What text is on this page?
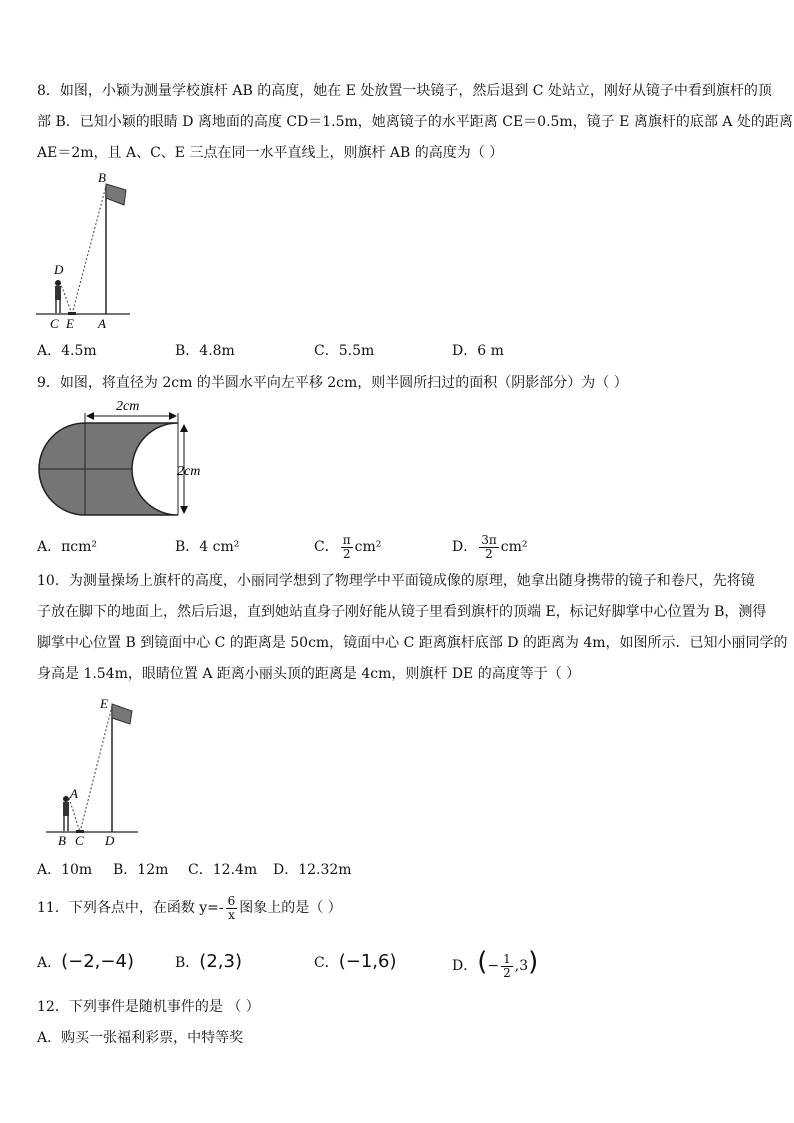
8．如图，小颖为测量学校旗杆 AB 的高度，她在 E 处放置一块镜子，然后退到 C 处站立，刚好从镜子中看到旗杆的顶
部 B．已知小颖的眼睛 D 离地面的高度 CD＝1.5m，她离镜子的水平距离 CE＝0.5m，镜子 E 离旗杆的底部 A 处的距离
AE＝2m，且 A、C、E 三点在同一水平直线上，则旗杆 AB 的高度为（ ）
B
D
C E A
A．4.5m	B．4.8m	C．5.5m	D．6 m
9．如图，将直径为 2cm 的半圆水平向左平移 2cm，则半圆所扫过的面积（阴影部分）为（ ）
2cm
2cm
A．πcm²	B．4 cm²	C． $\frac{\pi}{2} cm^2$	D． $\frac{3\pi}{2} cm^2$
10．为测量操场上旗杆的高度，小丽同学想到了物理学中平面镜成像的原理，她拿出随身携带的镜子和卷尺，先将镜
子放在脚下的地面上，然后后退，直到她站直身子刚好能从镜子里看到旗杆的顶端 E，标记好脚掌中心位置为 B，测得
脚掌中心位置 B 到镜面中心 C 的距离是 50cm，镜面中心 C 距离旗杆底部 D 的距离为 4m，如图所示．已知小丽同学的
身高是 1.54m，眼睛位置 A 距离小丽头顶的距离是 4cm，则旗杆 DE 的高度等于（ ）
E
A
B C D
A．10m B．12m C．12.4m D．12.32m
11．下列各点中，在函数 $y=- \frac{6}{x}$ 图象上的是（ ）
A．(−2,−4)	B．(2,3)	C．(−1,6)	D．(− $\frac{1}{2} ,3$)
12．下列事件是随机事件的是 （ ）
A．购买一张福利彩票，中特等奖
